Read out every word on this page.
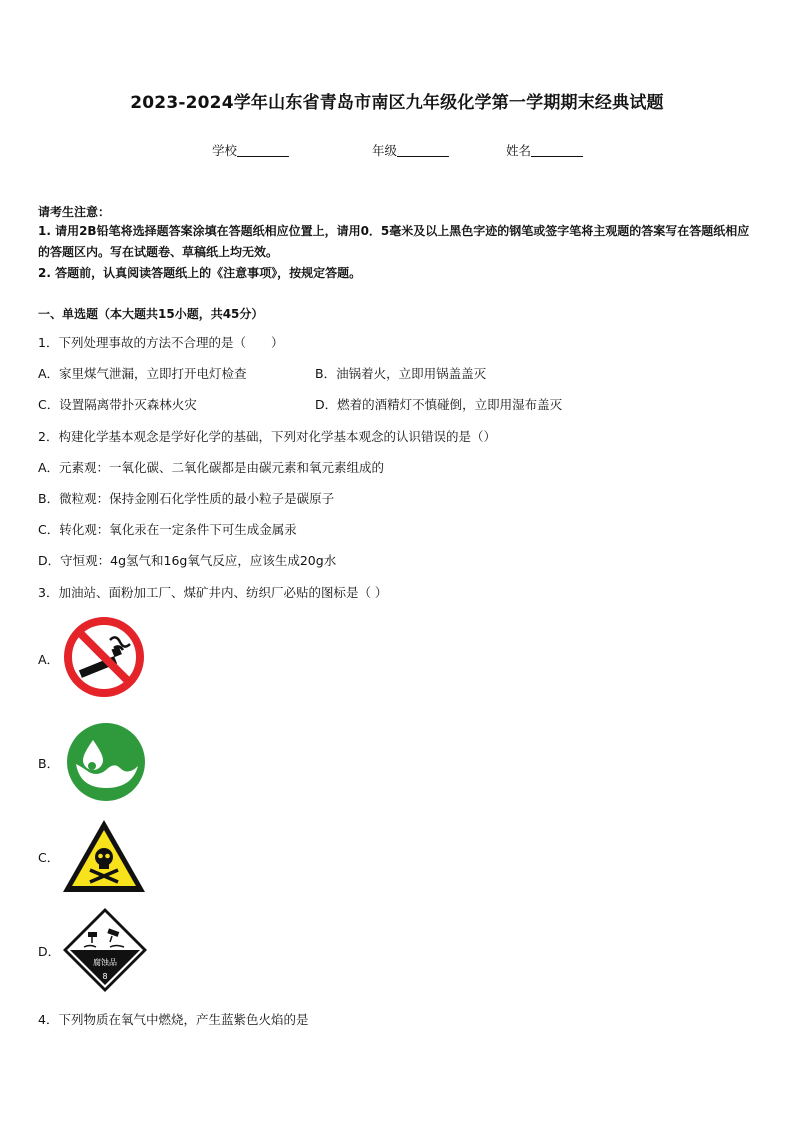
2023-2024学年山东省青岛市南区九年级化学第一学期期末经典试题
学校	年级	姓名
请考生注意：
1. 请用2B铅笔将选择题答案涂填在答题纸相应位置上，请用0．5毫米及以上黑色字迹的钢笔或签字笔将主观题的答案写在答题纸相应的答题区内。写在试题卷、草稿纸上均无效。
2. 答题前，认真阅读答题纸上的《注意事项》，按规定答题。
一、单选题（本大题共15小题，共45分）
1．下列处理事故的方法不合理的是（　　）
A．家里煤气泄漏，立即打开电灯检查	B．油锅着火，立即用锅盖盖灭
C．设置隔离带扑灭森林火灾	D．燃着的酒精灯不慎碰倒，立即用湿布盖灭
2．构建化学基本观念是学好化学的基础，下列对化学基本观念的认识错误的是（）
A．元素观：一氧化碳、二氧化碳都是由碳元素和氧元素组成的
B．微粒观：保持金刚石化学性质的最小粒子是碳原子
C．转化观：氧化汞在一定条件下可生成金属汞
D．守恒观：4g氢气和16g氧气反应，应该生成20g水
3．加油站、面粉加工厂、煤矿井内、纺织厂必贴的图标是（ ）
A．
B．
C．
D．
腐蚀品
8
4．下列物质在氧气中燃烧，产生蓝紫色火焰的是
